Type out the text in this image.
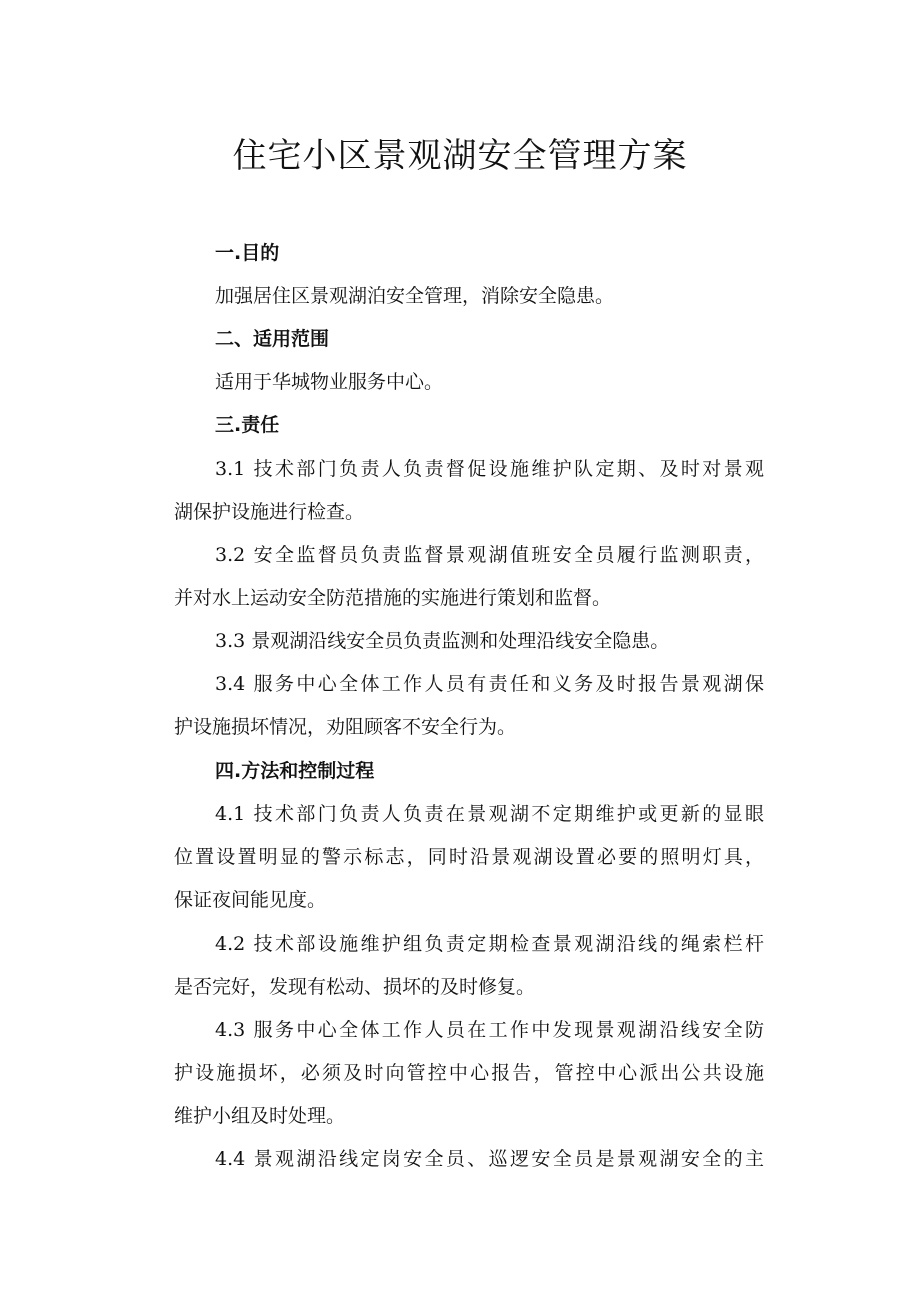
住宅小区景观湖安全管理方案

一.目的

加强居住区景观湖泊安全管理，消除安全隐患。

二、适用范围

适用于华城物业服务中心。

三.责任

3.1 技术部门负责人负责督促设施维护队定期、及时对景观

湖保护设施进行检查。

3.2 安全监督员负责监督景观湖值班安全员履行监测职责，

并对水上运动安全防范措施的实施进行策划和监督。

3.3 景观湖沿线安全员负责监测和处理沿线安全隐患。

3.4 服务中心全体工作人员有责任和义务及时报告景观湖保

护设施损坏情况，劝阻顾客不安全行为。

四.方法和控制过程

4.1 技术部门负责人负责在景观湖不定期维护或更新的显眼

位置设置明显的警示标志，同时沿景观湖设置必要的照明灯具，

保证夜间能见度。

4.2 技术部设施维护组负责定期检查景观湖沿线的绳索栏杆

是否完好，发现有松动、损坏的及时修复。

4.3 服务中心全体工作人员在工作中发现景观湖沿线安全防

护设施损坏，必须及时向管控中心报告，管控中心派出公共设施

维护小组及时处理。

4.4 景观湖沿线定岗安全员、巡逻安全员是景观湖安全的主
